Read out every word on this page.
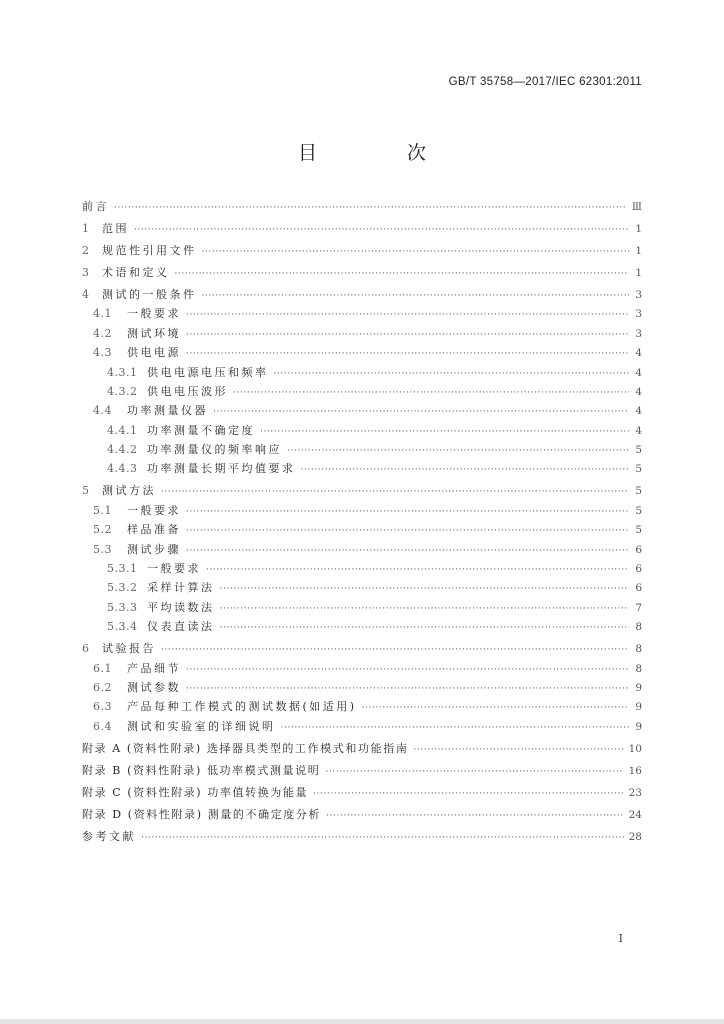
GB/T 35758—2017/IEC 62301:2011
目 次
前言 ·····	Ⅲ
1 范围 ·····	1
2 规范性引用文件 ·····	1
3 术语和定义 ·····	1
4 测试的一般条件 ·····	3
4.1	一般要求 ·····	3
4.2	测试环境 ·····	3
4.3	供电电源 ·····	4
4.3.1 供电电源电压和频率 ·····	4
4.3.2 供电电压波形 ·····	4
4.4	功率测量仪器 ·····	4
4.4.1 功率测量不确定度 ·····	4
4.4.2 功率测量仪的频率响应 ·····	5
4.4.3 功率测量长期平均值要求 ·····	5
5 测试方法 ·····	5
5.1	一般要求 ·····	5
5.2	样品准备 ·····	5
5.3	测试步骤 ·····	6
5.3.1 一般要求 ·····	6
5.3.2 采样计算法 ·····	6
5.3.3 平均读数法 ·····	7
5.3.4 仪表直读法 ·····	8
6 试验报告 ·····	8
6.1	产品细节 ·····	8
6.2	测试参数 ·····	9
6.3	产品每种工作模式的测试数据(如适用) ·····	9
6.4	测试和实验室的详细说明 ·····	9
附录 A (资料性附录) 选择器具类型的工作模式和功能指南 ·····	10
附录 B (资料性附录) 低功率模式测量说明 ·····	16
附录 C (资料性附录) 功率值转换为能量 ·····	23
附录 D (资料性附录) 测量的不确定度分析 ·····	24
参考文献 ·····	28
I
